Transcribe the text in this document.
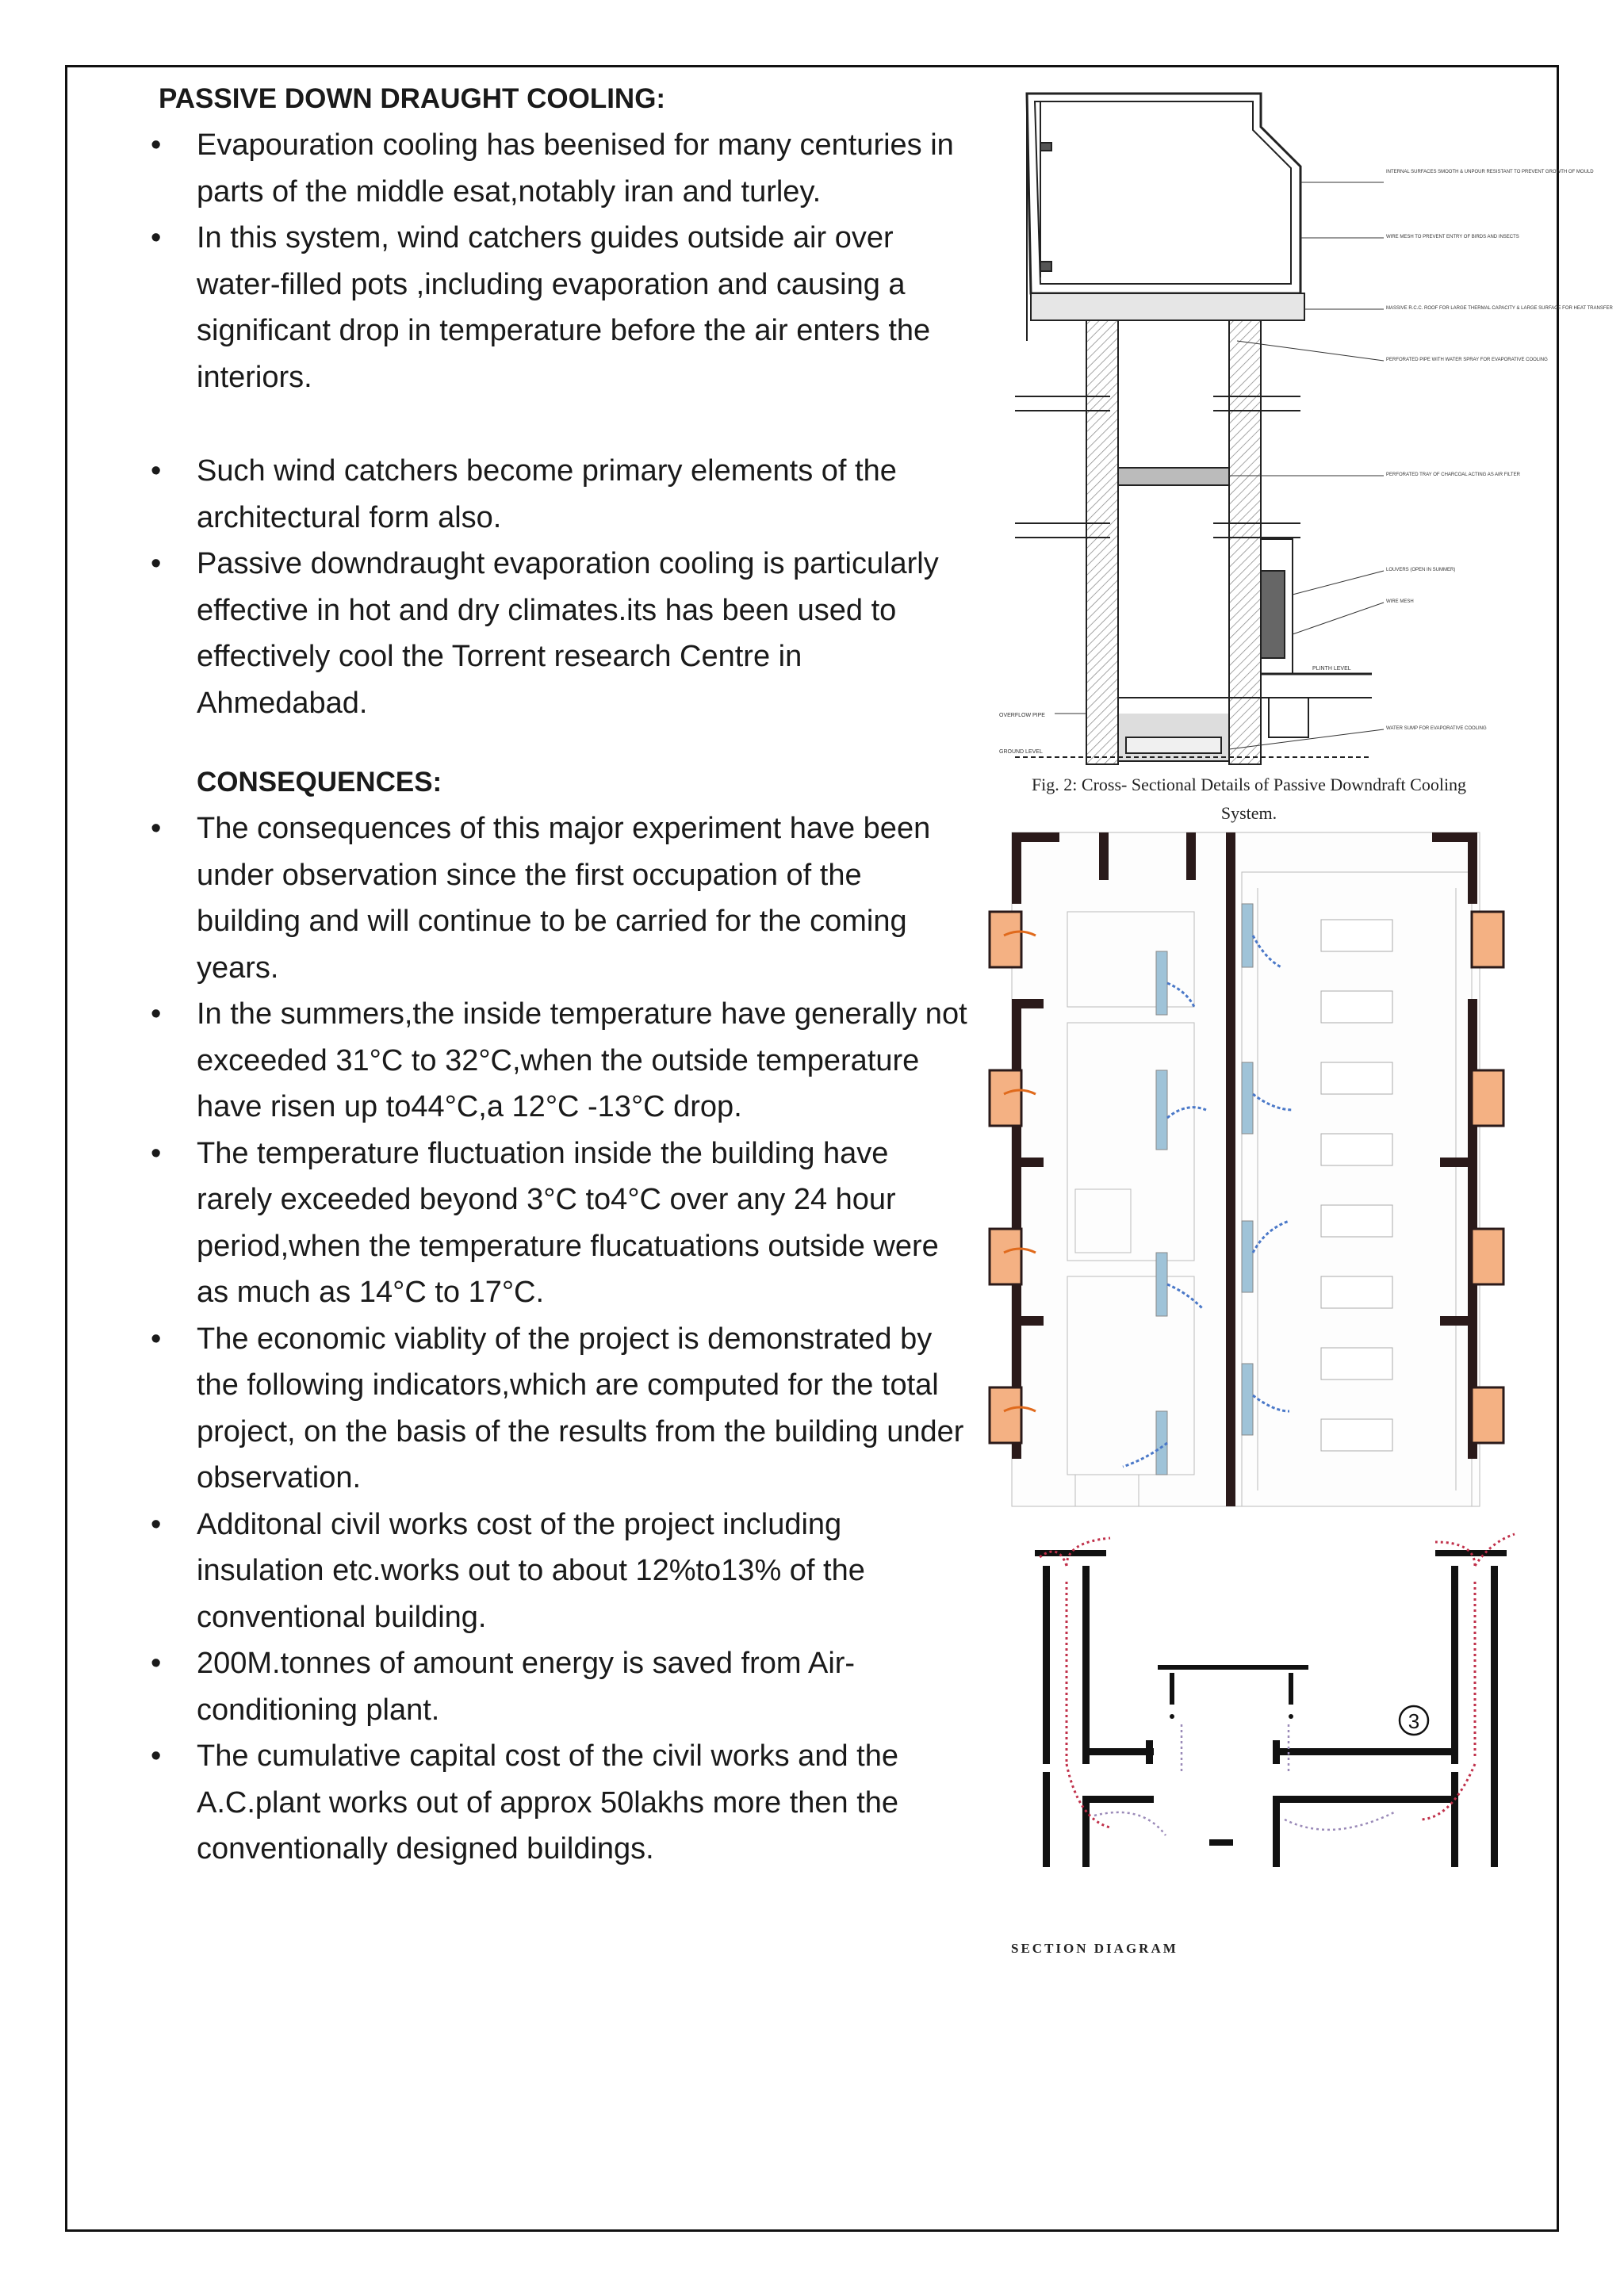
PASSIVE DOWN DRAUGHT COOLING:

• Evapouration cooling has beenised for many centuries in parts of the middle esat,notably iran and turley.
• In this system, wind catchers guides outside air over water-filled pots ,including evaporation and causing a significant drop in temperature before the air enters the interiors.
• Such wind catchers become primary elements of the architectural form also.
• Passive downdraught evaporation cooling is particularly effective in hot and dry climates.its has been used to effectively cool the Torrent research Centre in Ahmedabad.

CONSEQUENCES:

• The consequences of this major experiment have been under observation since the first occupation of the building and will continue to be carried for the coming years.
• In the summers,the inside temperature have generally not exceeded 31°C to 32°C,when the outside temperature have risen up to44°C,a 12°C -13°C drop.
• The temperature fluctuation inside the building have rarely exceeded beyond 3°C to4°C over any 24 hour period,when the temperature flucatuations outside were as much as 14°C to 17°C.
• The economic viablity of the project is demonstrated by the following indicators,which are computed for the total project, on the basis of the results from the building under observation.
• Additonal civil works cost of the project including insulation etc.works out to about 12%to13% of the conventional building.
• 200M.tonnes of amount energy is saved from Air-conditioning plant.
• The cumulative capital cost of the civil works and the A.C.plant works out of approx 50lakhs more then the conventionally designed buildings.
INTERNAL SURFACES SMOOTH & UNPOUR RESISTANT TO PREVENT GROWTH OF MOULD
WIRE MESH TO PREVENT ENTRY OF BIRDS AND INSECTS
MASSIVE R.C.C. ROOF FOR LARGE THERMAL CAPACITY & LARGE SURFACE FOR HEAT TRANSFER
PERFORATED PIPE WITH WATER SPRAY FOR EVAPORATIVE COOLING
PERFORATED TRAY OF CHARCOAL ACTING AS AIR FILTER
LOUVERS (OPEN IN SUMMER)
WIRE MESH
PLINTH LEVEL
OVERFLOW PIPE
GROUND LEVEL
WATER SUMP FOR EVAPORATIVE COOLING
Fig. 2: Cross- Sectional Details of Passive Downdraft Cooling
System.
3
SECTION DIAGRAM
